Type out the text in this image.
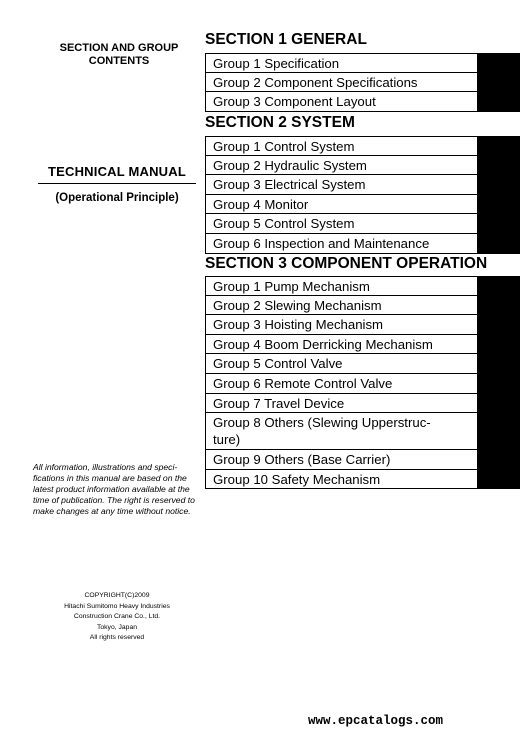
SECTION AND GROUP
CONTENTS
TECHNICAL MANUAL
(Operational Principle)
All information, illustrations and speci-fications in this manual are based on the latest product information available at the time of publication. The right is reserved to make changes at any time without notice.
COPYRIGHT(C)2009
Hitachi Sumitomo Heavy Industries
Construction Crane Co., Ltd.
Tokyo, Japan
All rights reserved
SECTION 1 GENERAL
Group 1 Specification
Group 2 Component Specifications
Group 3 Component Layout
SECTION 2 SYSTEM
Group 1 Control System
Group 2 Hydraulic System
Group 3 Electrical System
Group 4 Monitor
Group 5 Control System
Group 6 Inspection and Maintenance
SECTION 3 COMPONENT OPERATION
Group 1 Pump Mechanism
Group 2 Slewing Mechanism
Group 3 Hoisting Mechanism
Group 4 Boom Derricking Mechanism
Group 5 Control Valve
Group 6 Remote Control Valve
Group 7 Travel Device
Group 8 Others (Slewing Upperstruc-
ture)
Group 9 Others (Base Carrier)
Group 10 Safety Mechanism
www.epcatalogs.com
